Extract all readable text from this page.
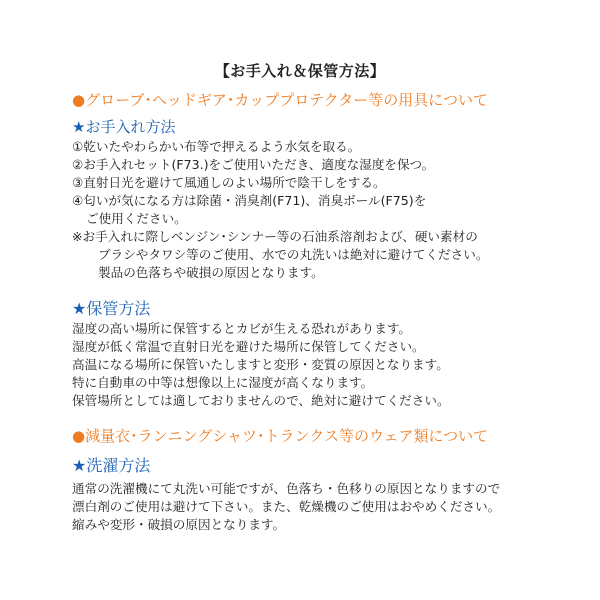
【お手入れ＆保管方法】
●グローブ･ヘッドギア･カッププロテクター等の用具について
★お手入れ方法

①乾いたやわらかい布等で押えるよう水気を取る。

②お手入れセット(F73.)をご使用いただき、適度な湿度を保つ。

③直射日光を避けて風通しのよい場所で陰干しをする。

④匂いが気になる方は除菌・消臭剤(F71)、消臭ボール(F75)を

ご使用ください。

※お手入れに際しベンジン･シンナー等の石油系溶剤および、硬い素材の

ブラシやタワシ等のご使用、水での丸洗いは絶対に避けてください。

製品の色落ちや破損の原因となります。

★保管方法

湿度の高い場所に保管するとカビが生える恐れがあります。

湿度が低く常温で直射日光を避けた場所に保管してください。

高温になる場所に保管いたしますと変形・変質の原因となります。

特に自動車の中等は想像以上に湿度が高くなります。

保管場所としては適しておりませんので、絶対に避けてください。

●減量衣･ランニングシャツ･トランクス等のウェア類について
★洗濯方法

通常の洗濯機にて丸洗い可能ですが、色落ち・色移りの原因となりますので

漂白剤のご使用は避けて下さい。また、乾燥機のご使用はおやめください。

縮みや変形・破損の原因となります。
